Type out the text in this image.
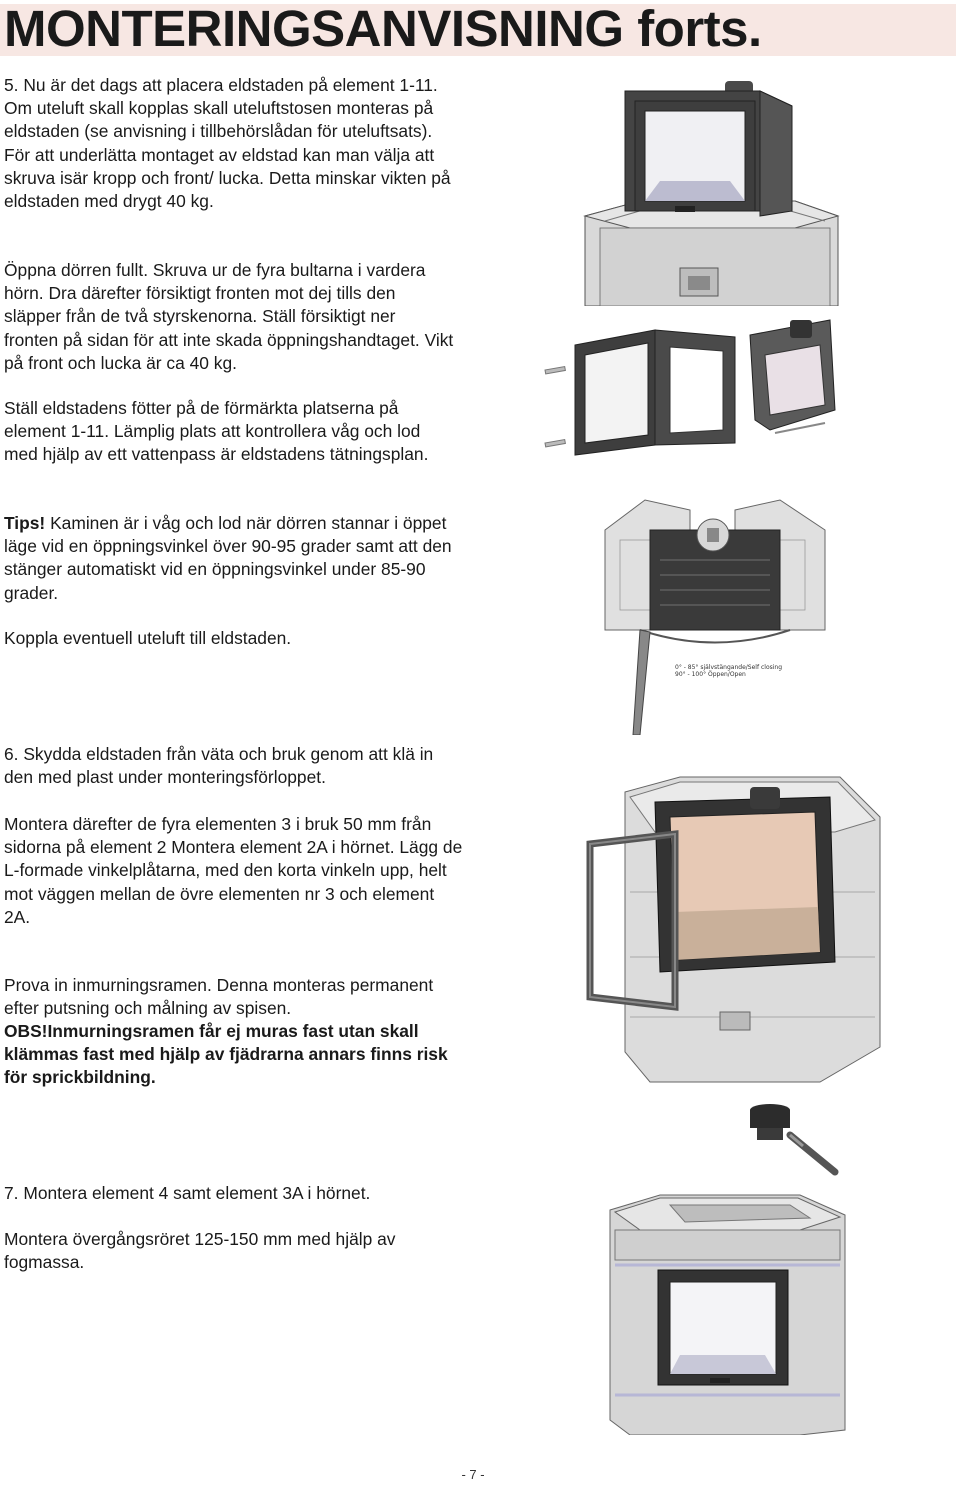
MONTERINGSANVISNING forts.

5. Nu är det dags att placera eldstaden på element 1-11. Om uteluft skall kopplas skall uteluftstosen monteras på eldstaden (se anvisning i tillbehörslådan för uteluftsats). För att underlätta montaget av eldstad kan man välja att skruva isär kropp och front/ lucka. Detta minskar vikten på eldstaden med drygt 40 kg.

Öppna dörren fullt. Skruva ur de fyra bultarna i vardera hörn. Dra därefter försiktigt fronten mot dej tills den släpper från de två styrskenorna. Ställ försiktigt ner fronten på sidan för att inte skada öppningshandtaget. Vikt på front och lucka är ca 40 kg.

Ställ eldstadens fötter på de förmärkta platserna på element 1-11. Lämplig plats att kontrollera våg och lod med hjälp av ett vattenpass är eldstadens tätningsplan.

Tips! Kaminen är i våg och lod när dörren stannar i öppet läge vid en öppningsvinkel över 90-95 grader samt att den stänger automatiskt vid en öppningsvinkel under 85-90 grader.

Koppla eventuell uteluft till eldstaden.

6. Skydda eldstaden från väta och bruk genom att klä in den med plast under monteringsförloppet.

Montera därefter de fyra elementen 3 i bruk 50 mm från sidorna på element 2 Montera element 2A i hörnet. Lägg de L-formade vinkelplåtarna, med den korta vinkeln upp, helt mot väggen mellan de övre elementen nr 3 och element 2A.

Prova in inmurningsramen. Denna monteras permanent efter putsning och målning av spisen.

OBS!Inmurningsramen får ej muras fast utan skall klämmas fast med hjälp av fjädrarna annars finns risk för sprickbildning.

7. Montera element 4 samt element 3A i hörnet.

Montera övergångsröret 125-150 mm med hjälp av fogmassa.

0° - 85° självstängande/Self closing
90° - 100° Öppen/Open
- 7 -
